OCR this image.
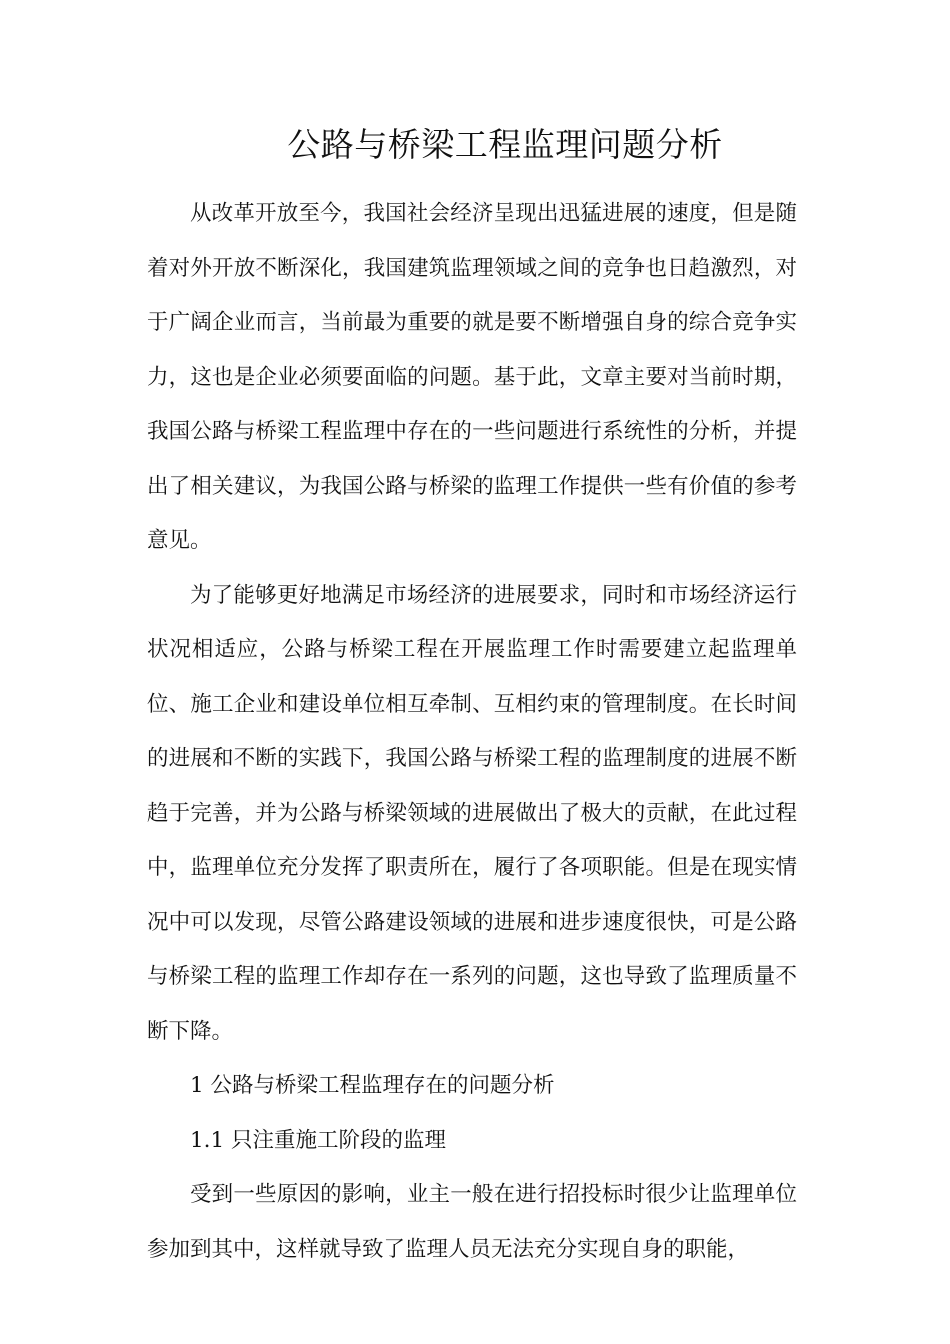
公路与桥梁工程监理问题分析

从改革开放至今，我国社会经济呈现出迅猛进展的速度，但是随着对外开放不断深化，我国建筑监理领域之间的竞争也日趋激烈，对于广阔企业而言，当前最为重要的就是要不断增强自身的综合竞争实力，这也是企业必须要面临的问题。基于此，文章主要对当前时期，我国公路与桥梁工程监理中存在的一些问题进行系统性的分析，并提出了相关建议，为我国公路与桥梁的监理工作提供一些有价值的参考意见。

为了能够更好地满足市场经济的进展要求，同时和市场经济运行状况相适应，公路与桥梁工程在开展监理工作时需要建立起监理单位、施工企业和建设单位相互牵制、互相约束的管理制度。在长时间的进展和不断的实践下，我国公路与桥梁工程的监理制度的进展不断趋于完善，并为公路与桥梁领域的进展做出了极大的贡献，在此过程中，监理单位充分发挥了职责所在，履行了各项职能。但是在现实情况中可以发现，尽管公路建设领域的进展和进步速度很快，可是公路与桥梁工程的监理工作却存在一系列的问题，这也导致了监理质量不断下降。

1 公路与桥梁工程监理存在的问题分析

1.1 只注重施工阶段的监理

受到一些原因的影响，业主一般在进行招投标时很少让监理单位参加到其中，这样就导致了监理人员无法充分实现自身的职能，
